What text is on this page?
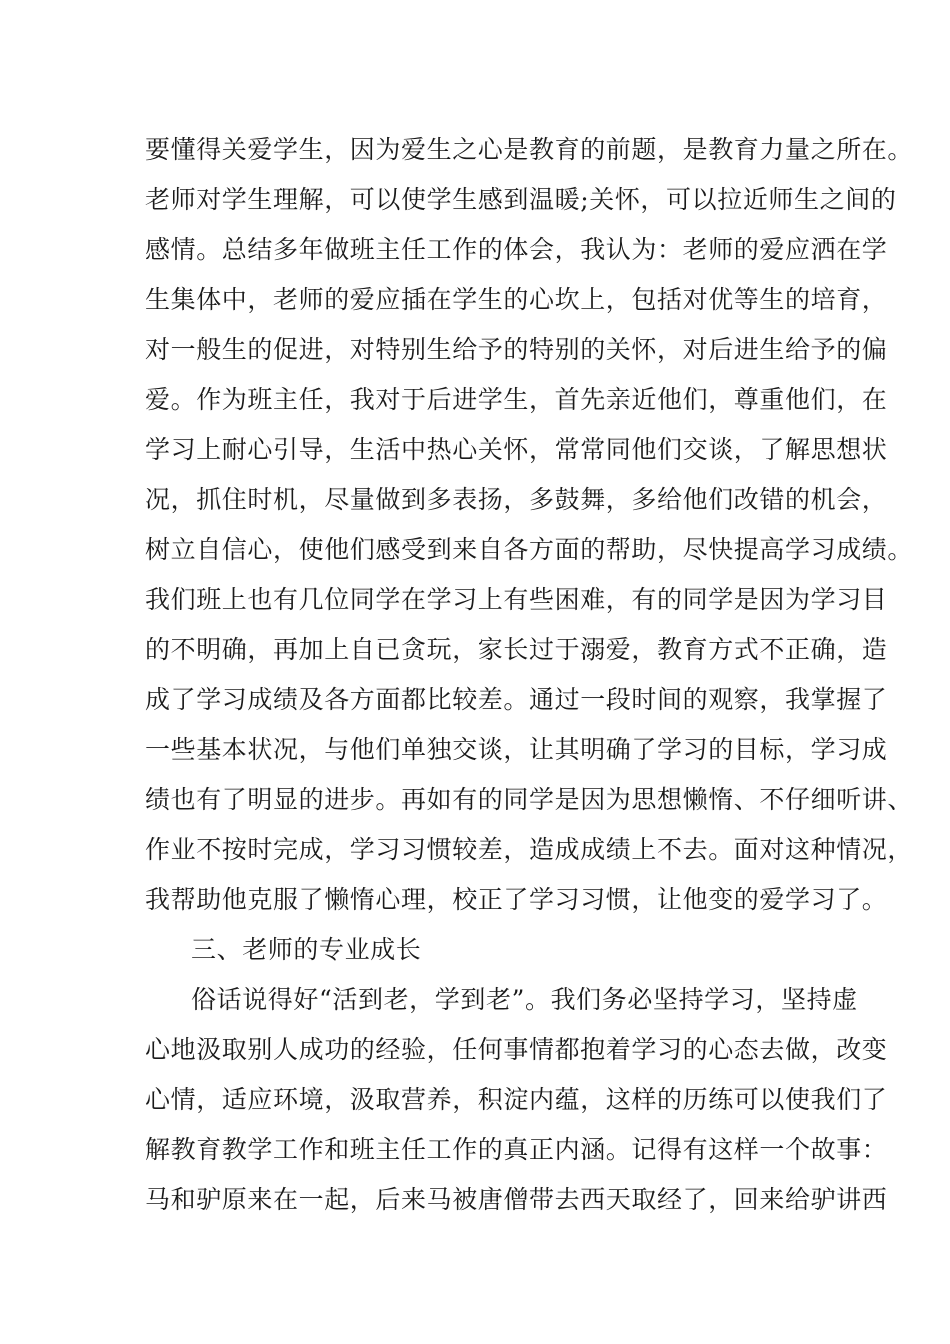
要懂得关爱学生，因为爱生之心是教育的前题，是教育力量之所在。
老师对学生理解，可以使学生感到温暖;关怀，可以拉近师生之间的
感情。总结多年做班主任工作的体会，我认为：老师的爱应洒在学
生集体中，老师的爱应插在学生的心坎上，包括对优等生的培育，
对一般生的促进，对特别生给予的特别的关怀，对后进生给予的偏
爱。作为班主任，我对于后进学生，首先亲近他们，尊重他们，在
学习上耐心引导，生活中热心关怀，常常同他们交谈，了解思想状
况，抓住时机，尽量做到多表扬，多鼓舞，多给他们改错的机会，
树立自信心，使他们感受到来自各方面的帮助，尽快提高学习成绩。
我们班上也有几位同学在学习上有些困难，有的同学是因为学习目
的不明确，再加上自已贪玩，家长过于溺爱，教育方式不正确，造
成了学习成绩及各方面都比较差。通过一段时间的观察，我掌握了
一些基本状况，与他们单独交谈，让其明确了学习的目标，学习成
绩也有了明显的进步。再如有的同学是因为思想懒惰、不仔细听讲、
作业不按时完成，学习习惯较差，造成成绩上不去。面对这种情况，
我帮助他克服了懒惰心理，校正了学习习惯，让他变的爱学习了。
三、老师的专业成长
俗话说得好“活到老，学到老”。我们务必坚持学习，坚持虚
心地汲取别人成功的经验，任何事情都抱着学习的心态去做，改变
心情，适应环境，汲取营养，积淀内蕴，这样的历练可以使我们了
解教育教学工作和班主任工作的真正内涵。记得有这样一个故事：
马和驴原来在一起，后来马被唐僧带去西天取经了，回来给驴讲西
